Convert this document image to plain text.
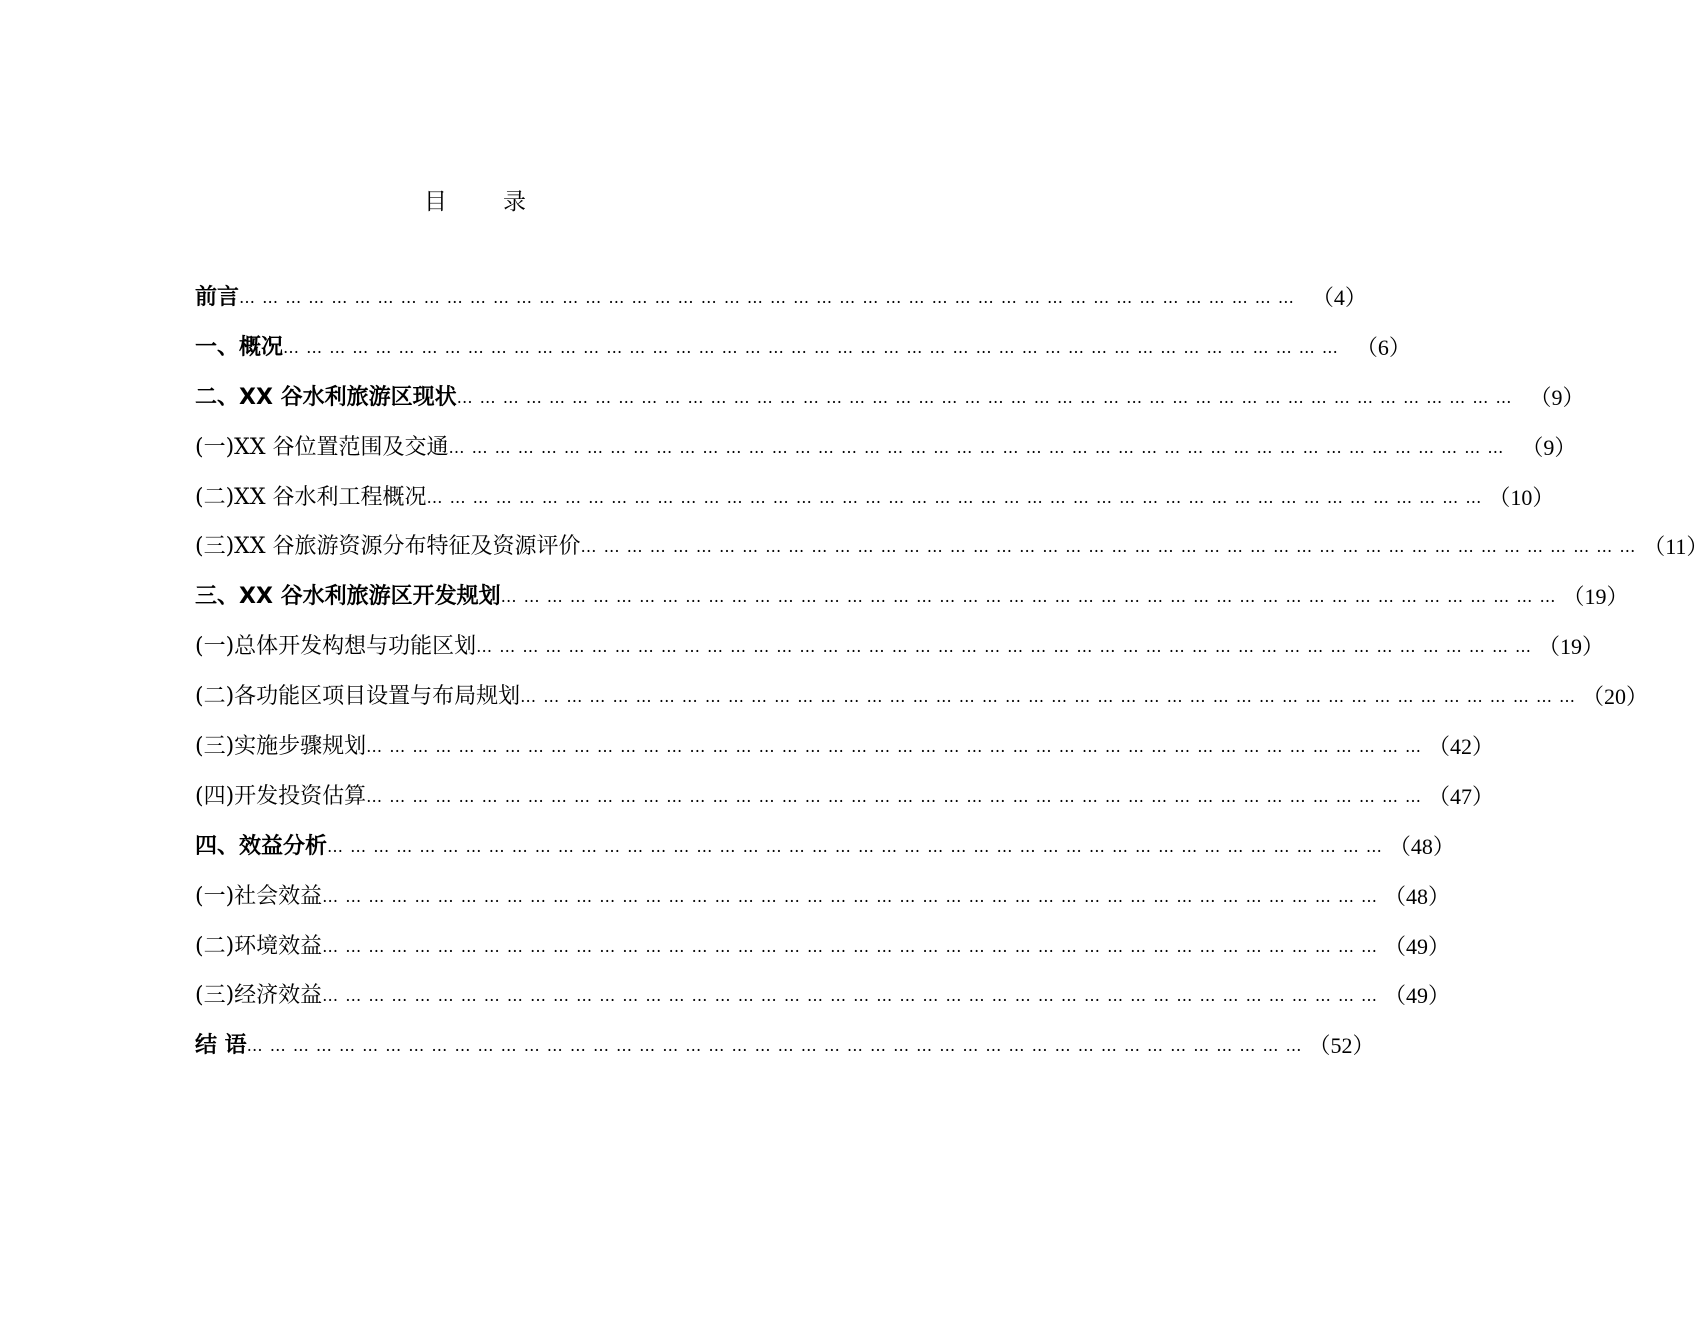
目 录
前言 … … … … … … … … … … … … … … … … … … … … … … … … … … … … … … … … … … … … … … … … … … … … … … （4）
一、概况 … … … … … … … … … … … … … … … … … … … … … … … … … … … … … … … … … … … … … … … … … … … … … … （6）
二、XX 谷水利旅游区现状 … … … … … … … … … … … … … … … … … … … … … … … … … … … … … … … … … … … … … … … … … … … … … … （9）
(一)XX 谷位置范围及交通 … … … … … … … … … … … … … … … … … … … … … … … … … … … … … … … … … … … … … … … … … … … … … … （9）
(二)XX 谷水利工程概况 … … … … … … … … … … … … … … … … … … … … … … … … … … … … … … … … … … … … … … … … … … … … … … （10）
(三)XX 谷旅游资源分布特征及资源评价 … … … … … … … … … … … … … … … … … … … … … … … … … … … … … … … … … … … … … … … … … … … … … … （11）
三、XX 谷水利旅游区开发规划 … … … … … … … … … … … … … … … … … … … … … … … … … … … … … … … … … … … … … … … … … … … … … … （19）
(一)总体开发构想与功能区划 … … … … … … … … … … … … … … … … … … … … … … … … … … … … … … … … … … … … … … … … … … … … … … （19）
(二)各功能区项目设置与布局规划 … … … … … … … … … … … … … … … … … … … … … … … … … … … … … … … … … … … … … … … … … … … … … … （20）
(三)实施步骤规划 … … … … … … … … … … … … … … … … … … … … … … … … … … … … … … … … … … … … … … … … … … … … … … （42）
(四)开发投资估算 … … … … … … … … … … … … … … … … … … … … … … … … … … … … … … … … … … … … … … … … … … … … … … （47）
四、效益分析 … … … … … … … … … … … … … … … … … … … … … … … … … … … … … … … … … … … … … … … … … … … … … … （48）
(一)社会效益 … … … … … … … … … … … … … … … … … … … … … … … … … … … … … … … … … … … … … … … … … … … … … … （48）
(二)环境效益 … … … … … … … … … … … … … … … … … … … … … … … … … … … … … … … … … … … … … … … … … … … … … … （49）
(三)经济效益 … … … … … … … … … … … … … … … … … … … … … … … … … … … … … … … … … … … … … … … … … … … … … … （49）
结 语 … … … … … … … … … … … … … … … … … … … … … … … … … … … … … … … … … … … … … … … … … … … … … … （52）
